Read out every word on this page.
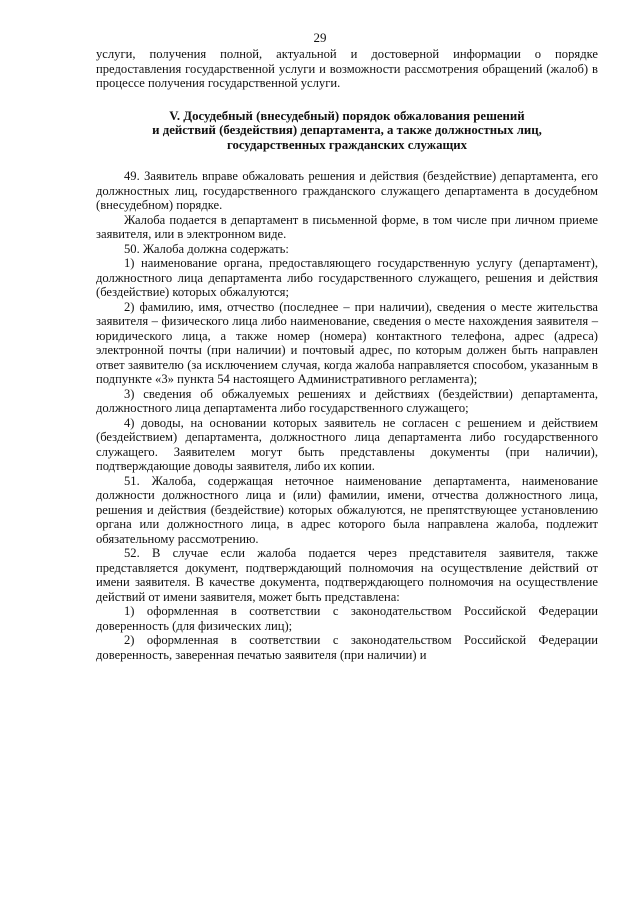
29

услуги, получения полной, актуальной и достоверной информации о порядке предоставления государственной услуги и возможности рассмотрения обращений (жалоб) в процессе получения государственной услуги.

V. Досудебный (внесудебный) порядок обжалования решений
и действий (бездействия) департамента, а также должностных лиц,
государственных гражданских служащих

49. Заявитель вправе обжаловать решения и действия (бездействие) департамента, его должностных лиц, государственного гражданского служащего департамента в досудебном (внесудебном) порядке.

Жалоба подается в департамент в письменной форме, в том числе при личном приеме заявителя, или в электронном виде.

50. Жалоба должна содержать:

1) наименование органа, предоставляющего государственную услугу (департамент), должностного лица департамента либо государственного служащего, решения и действия (бездействие) которых обжалуются;

2) фамилию, имя, отчество (последнее – при наличии), сведения о месте жительства заявителя – физического лица либо наименование, сведения о месте нахождения заявителя – юридического лица, а также номер (номера) контактного телефона, адрес (адреса) электронной почты (при наличии) и почтовый адрес, по которым должен быть направлен ответ заявителю (за исключением случая, когда жалоба направляется способом, указанным в подпункте «3» пункта 54 настоящего Административного регламента);

3) сведения об обжалуемых решениях и действиях (бездействии) департамента, должностного лица департамента либо государственного служащего;

4) доводы, на основании которых заявитель не согласен с решением и действием (бездействием) департамента, должностного лица департамента либо государственного служащего. Заявителем могут быть представлены документы (при наличии), подтверждающие доводы заявителя, либо их копии.

51. Жалоба, содержащая неточное наименование департамента, наименование должности должностного лица и (или) фамилии, имени, отчества должностного лица, решения и действия (бездействие) которых обжалуются, не препятствующее установлению органа или должностного лица, в адрес которого была направлена жалоба, подлежит обязательному рассмотрению.

52. В случае если жалоба подается через представителя заявителя, также представляется документ, подтверждающий полномочия на осуществление действий от имени заявителя. В качестве документа, подтверждающего полномочия на осуществление действий от имени заявителя, может быть представлена:

1) оформленная в соответствии с законодательством Российской Федерации доверенность (для физических лиц);

2) оформленная в соответствии с законодательством Российской Федерации доверенность, заверенная печатью заявителя (при наличии) и
